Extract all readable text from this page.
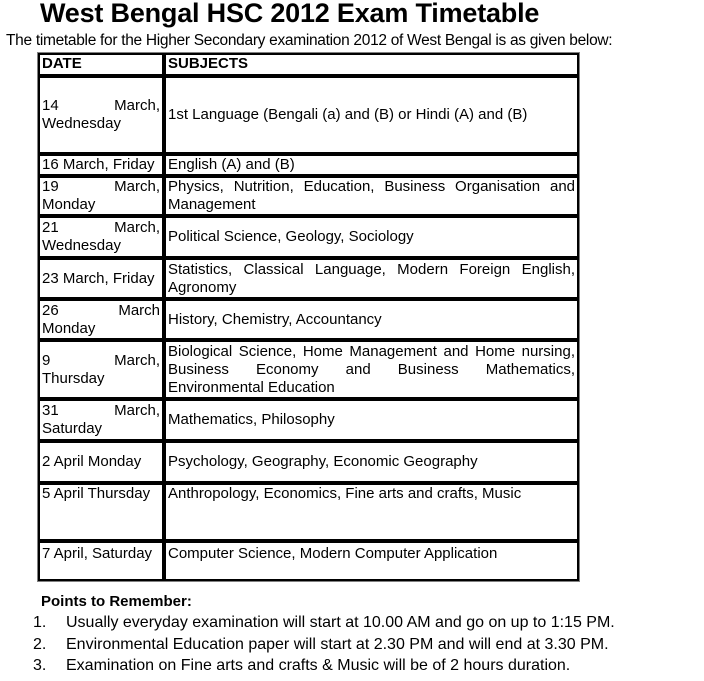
West Bengal HSC 2012 Exam Timetable
The timetable for the Higher Secondary examination 2012 of West Bengal is as given below:
DATE	SUBJECTS
14 March, Wednesday	1st Language (Bengali (a) and (B) or Hindi (A) and (B)
16 March, Friday	English (A) and (B)
19 March, Monday	Physics, Nutrition, Education, Business Organisation and Management
21 March, Wednesday	Political Science, Geology, Sociology
23 March, Friday	Statistics, Classical Language, Modern Foreign English, Agronomy
26 March Monday	History, Chemistry, Accountancy
9 March, Thursday	Biological Science, Home Management and Home nursing, Business Economy and Business Mathematics, Environmental Education
31 March, Saturday	Mathematics, Philosophy
2 April Monday	Psychology, Geography, Economic Geography
5 April Thursday	Anthropology, Economics, Fine arts and crafts, Music
7 April, Saturday	Computer Science, Modern Computer Application
Points to Remember:
1. Usually everyday examination will start at 10.00 AM and go on up to 1:15 PM.
2. Environmental Education paper will start at 2.30 PM and will end at 3.30 PM.
3. Examination on Fine arts and crafts & Music will be of 2 hours duration.
